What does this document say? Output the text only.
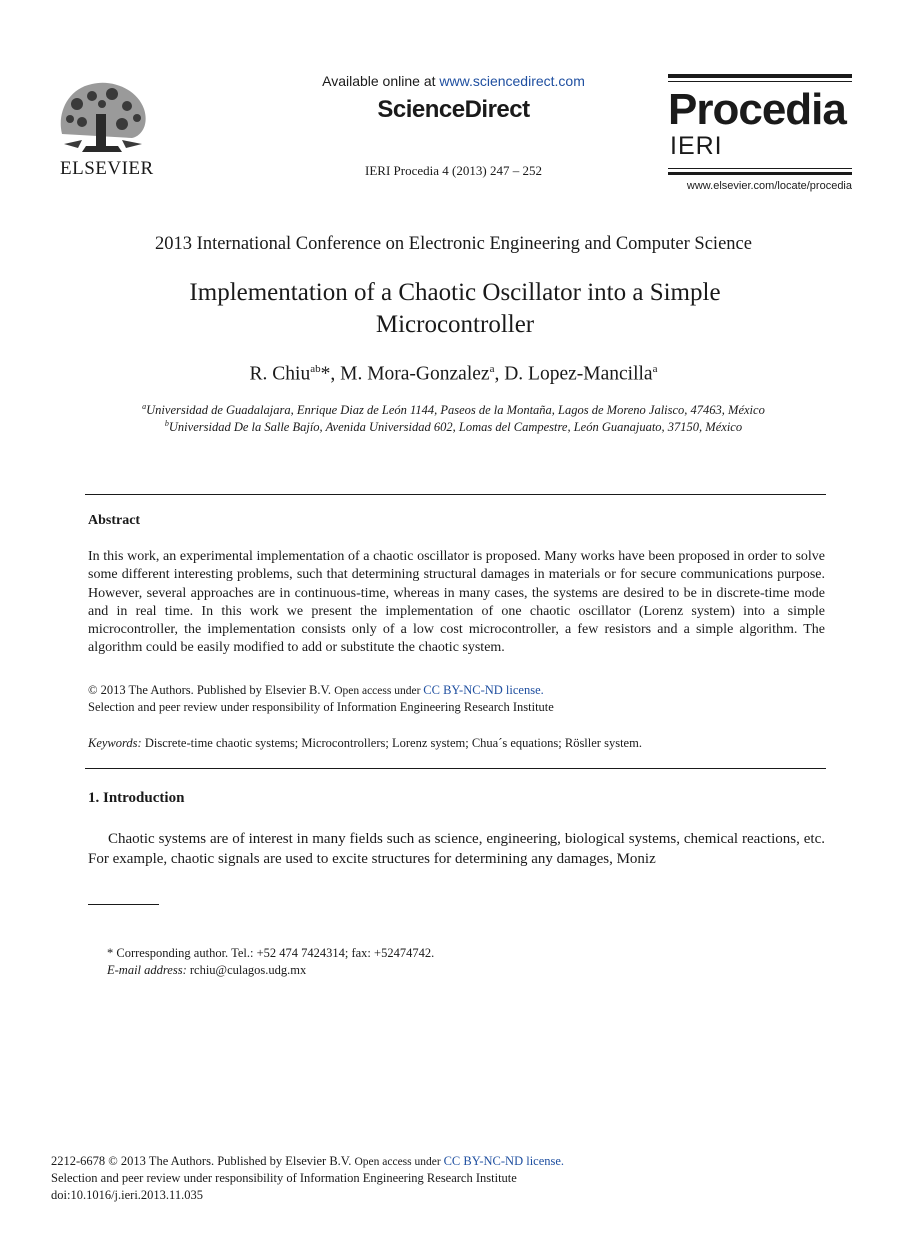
ELSEVIER
Available online at www.sciencedirect.com
ScienceDirect
IERI Procedia 4 (2013) 247 – 252
Procedia
IERI
www.elsevier.com/locate/procedia
2013 International Conference on Electronic Engineering and Computer Science
Implementation of a Chaotic Oscillator into a Simple
Microcontroller
R. Chiu$^{ab}$*, M. Mora-Gonzalez$^a$, D. Lopez-Mancilla$^a$
$^a$Universidad de Guadalajara, Enrique Diaz de León 1144, Paseos de la Montaña, Lagos de Moreno Jalisco, 47463, México
$^b$Universidad De la Salle Bajío, Avenida Universidad 602, Lomas del Campestre, León Guanajuato, 37150, México
Abstract
In this work, an experimental implementation of a chaotic oscillator is proposed. Many works have been proposed in order to solve some different interesting problems, such that determining structural damages in materials or for secure communications purpose. However, several approaches are in continuous-time, whereas in many cases, the systems are desired to be in discrete-time mode and in real time. In this work we present the implementation of one chaotic oscillator (Lorenz system) into a simple microcontroller, the implementation consists only of a low cost microcontroller, a few resistors and a simple algorithm. The algorithm could be easily modified to add or substitute the chaotic system.
© 2013 The Authors. Published by Elsevier B.V. Open access under CC BY-NC-ND license.
Selection and peer review under responsibility of Information Engineering Research Institute
Keywords: Discrete-time chaotic systems; Microcontrollers; Lorenz system; Chua´s equations; Rösller system.
1. Introduction
Chaotic systems are of interest in many fields such as science, engineering, biological systems, chemical reactions, etc. For example, chaotic signals are used to excite structures for determining any damages, Moniz
* Corresponding author. Tel.: +52 474 7424314; fax: +52474742.
E-mail address: rchiu@culagos.udg.mx
2212-6678 © 2013 The Authors. Published by Elsevier B.V. Open access under CC BY-NC-ND license.
Selection and peer review under responsibility of Information Engineering Research Institute
doi:10.1016/j.ieri.2013.11.035
